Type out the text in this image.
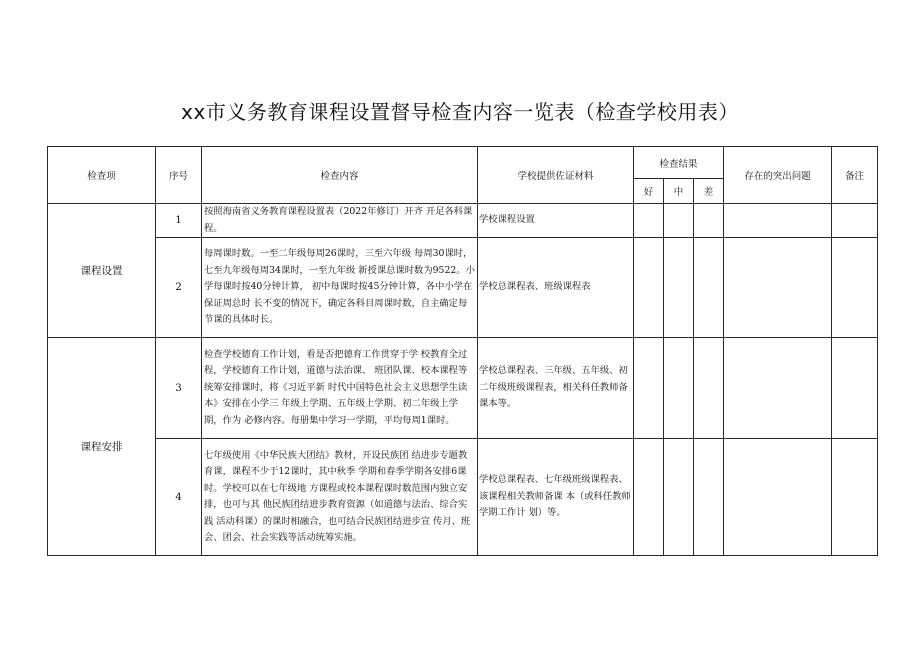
xx市义务教育课程设置督导检查内容一览表（检查学校用表）
检查项	序号	检查内容	学校提供佐证材料	检查结果			存在的突出问题	备注
				好	中	差		
课程设置	1	按照海南省义务教育课程设置表（2022年修订）开齐 开足各科课程。	学校课程设置					
	2	每周课时数。一至二年级每周26课时，三至六年级 每周30课时，七至九年级每周34课时，一至九年级 新授课总课时数为9522。小学每课时按40分钟计算， 初中每课时按45分钟计算，各中小学在保证周总时 长不变的情况下，确定各科目周课时数，自主确定每 节课的具体时长。	学校总课程表、班级课程表					
课程安排	3	检查学校德育工作计划，看是否把德育工作贯穿于学 校教育全过程，学校德育工作计划，道德与法治课、 班团队课、校本课程等统筹安排课时，将《习近平新 时代中国特色社会主义思想学生读本》安排在小学三 年级上学期、五年级上学期、初二年级上学期，作为 必修内容。每册集中学习一学期，平均每周1课时。	学校总课程表、三年级、五年级、初二年级班级课程表，相关科任教师备课本等。					
	4	七年级使用《中华民族大团结》教材，开设民族团 结进步专题教育课，课程不少于12课时，其中秋季 学期和春季学期各安排6课时。学校可以在七年级地 方课程或校本课程课时数范围内独立安排，也可与其 他民族团结进步教育资源（如道德与法治、综合实践 活动科课）的课时相融合，也可结合民族团结进步宣 传月、班会、团会、社会实践等活动统筹实施。	学校总课程表、七年级班级课程表、该课程相关教师备课 本（或科任教师学期工作计 划）等。					
